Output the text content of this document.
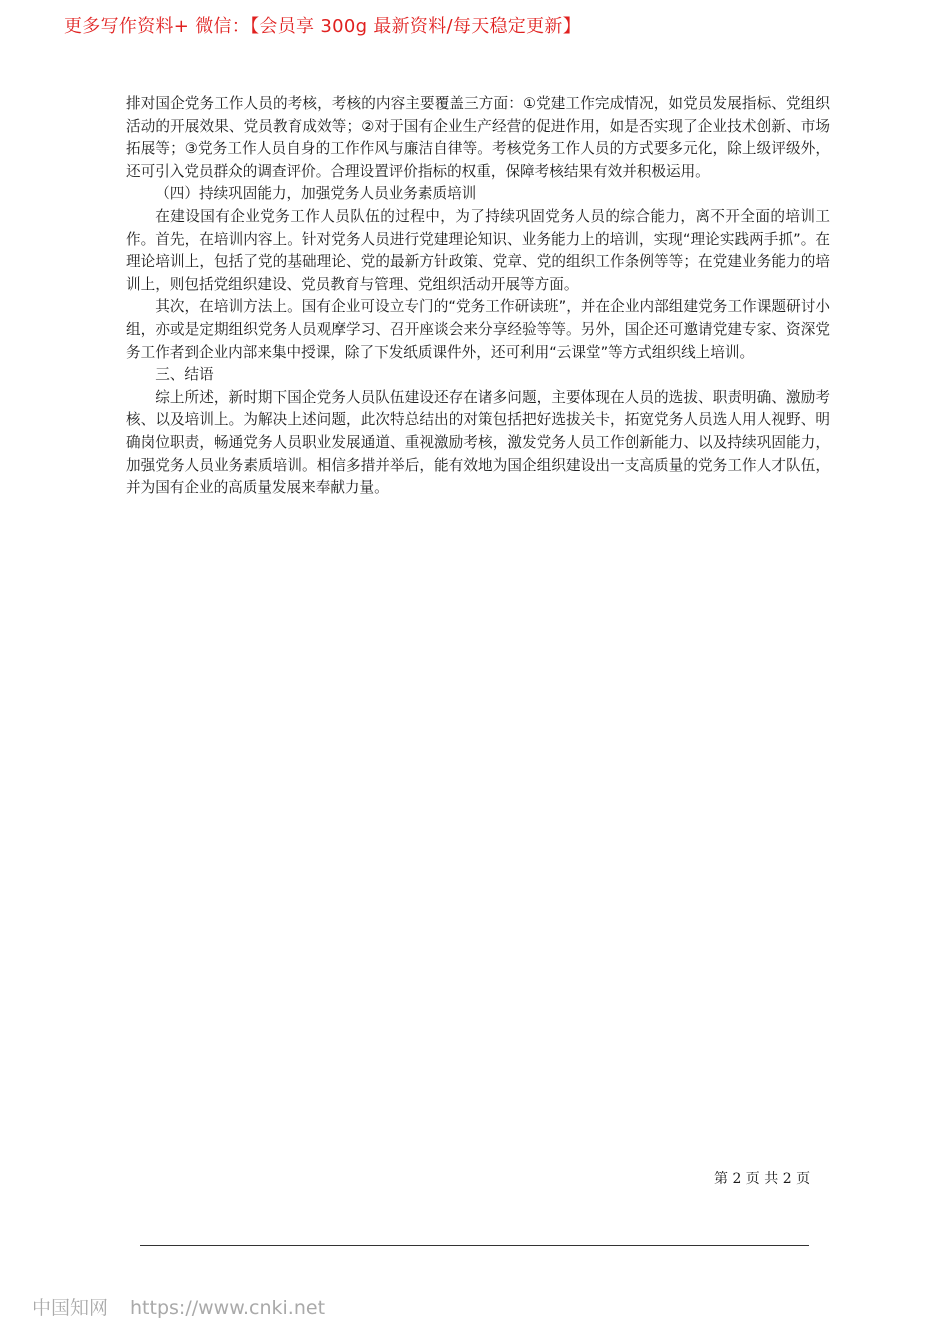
更多写作资料+ 微信：【会员享 300g 最新资料/每天稳定更新】

排对国企党务工作人员的考核，考核的内容主要覆盖三方面：①党建工作完成情况，如党员发展指标、党组织活动的开展效果、党员教育成效等；②对于国有企业生产经营的促进作用，如是否实现了企业技术创新、市场拓展等；③党务工作人员自身的工作作风与廉洁自律等。考核党务工作人员的方式要多元化，除上级评级外，还可引入党员群众的调查评价。合理设置评价指标的权重，保障考核结果有效并积极运用。

（四）持续巩固能力，加强党务人员业务素质培训

在建设国有企业党务工作人员队伍的过程中，为了持续巩固党务人员的综合能力，离不开全面的培训工作。首先，在培训内容上。针对党务人员进行党建理论知识、业务能力上的培训，实现“理论实践两手抓”。在理论培训上，包括了党的基础理论、党的最新方针政策、党章、党的组织工作条例等等；在党建业务能力的培训上，则包括党组织建设、党员教育与管理、党组织活动开展等方面。

其次，在培训方法上。国有企业可设立专门的“党务工作研读班”，并在企业内部组建党务工作课题研讨小组，亦或是定期组织党务人员观摩学习、召开座谈会来分享经验等等。另外，国企还可邀请党建专家、资深党务工作者到企业内部来集中授课，除了下发纸质课件外，还可利用“云课堂”等方式组织线上培训。

三、结语

综上所述，新时期下国企党务人员队伍建设还存在诸多问题，主要体现在人员的选拔、职责明确、激励考核、以及培训上。为解决上述问题，此次特总结出的对策包括把好选拔关卡，拓宽党务人员选人用人视野、明确岗位职责，畅通党务人员职业发展通道、重视激励考核，激发党务人员工作创新能力、以及持续巩固能力，加强党务人员业务素质培训。相信多措并举后，能有效地为国企组织建设出一支高质量的党务工作人才队伍，并为国有企业的高质量发展来奉献力量。

第 2 页 共 2 页
中国知网 https://www.cnki.net
